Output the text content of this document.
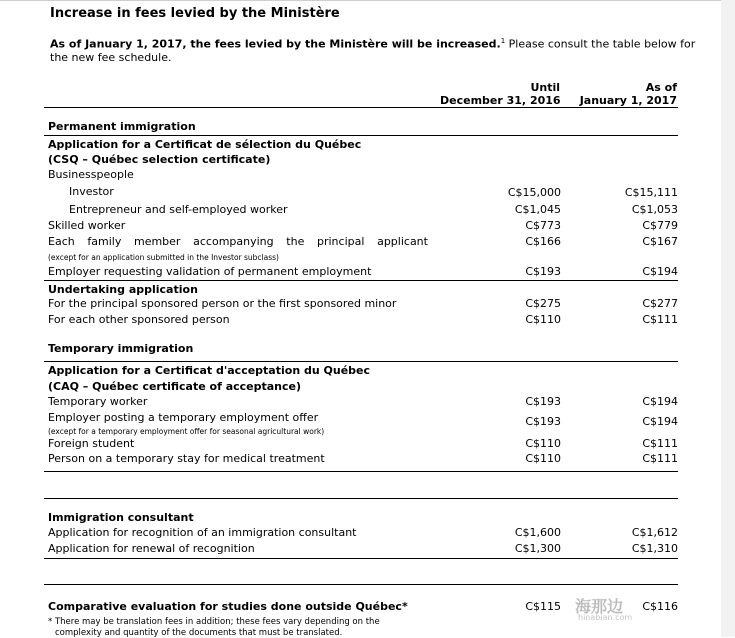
Increase in fees levied by the Ministère
As of January 1, 2017, the fees levied by the Ministère will be increased.$^1$ Please consult the table below for
the new fee schedule.
Until
December 31, 2016
As of
January 1, 2017
Permanent immigration
Application for a Certificat de sélection du Québec
(CSQ – Québec selection certificate)
Businesspeople
Investor	C$15,000	C$15,111
Entrepreneur and self-employed worker	C$1,045	C$1,053
Skilled worker	C$773	C$779
Each family member accompanying the principal applicant	C$166	C$167
(except for an application submitted in the Investor subclass)
Employer requesting validation of permanent employment	C$193	C$194
Undertaking application
For the principal sponsored person or the first sponsored minor	C$275	C$277
For each other sponsored person	C$110	C$111
Temporary immigration
Application for a Certificat d'acceptation du Québec
(CAQ – Québec certificate of acceptance)
Temporary worker	C$193	C$194
Employer posting a temporary employment offer	C$193	C$194
(except for a temporary employment offer for seasonal agricultural work)
Foreign student	C$110	C$111
Person on a temporary stay for medical treatment	C$110	C$111
Immigration consultant
Application for recognition of an immigration consultant	C$1,600	C$1,612
Application for renewal of recognition	C$1,300	C$1,310
Comparative evaluation for studies done outside Québec*	C$115	C$116
* There may be translation fees in addition; these fees vary depending on the
complexity and quantity of the documents that must be translated.
海那边
hinabian.com
